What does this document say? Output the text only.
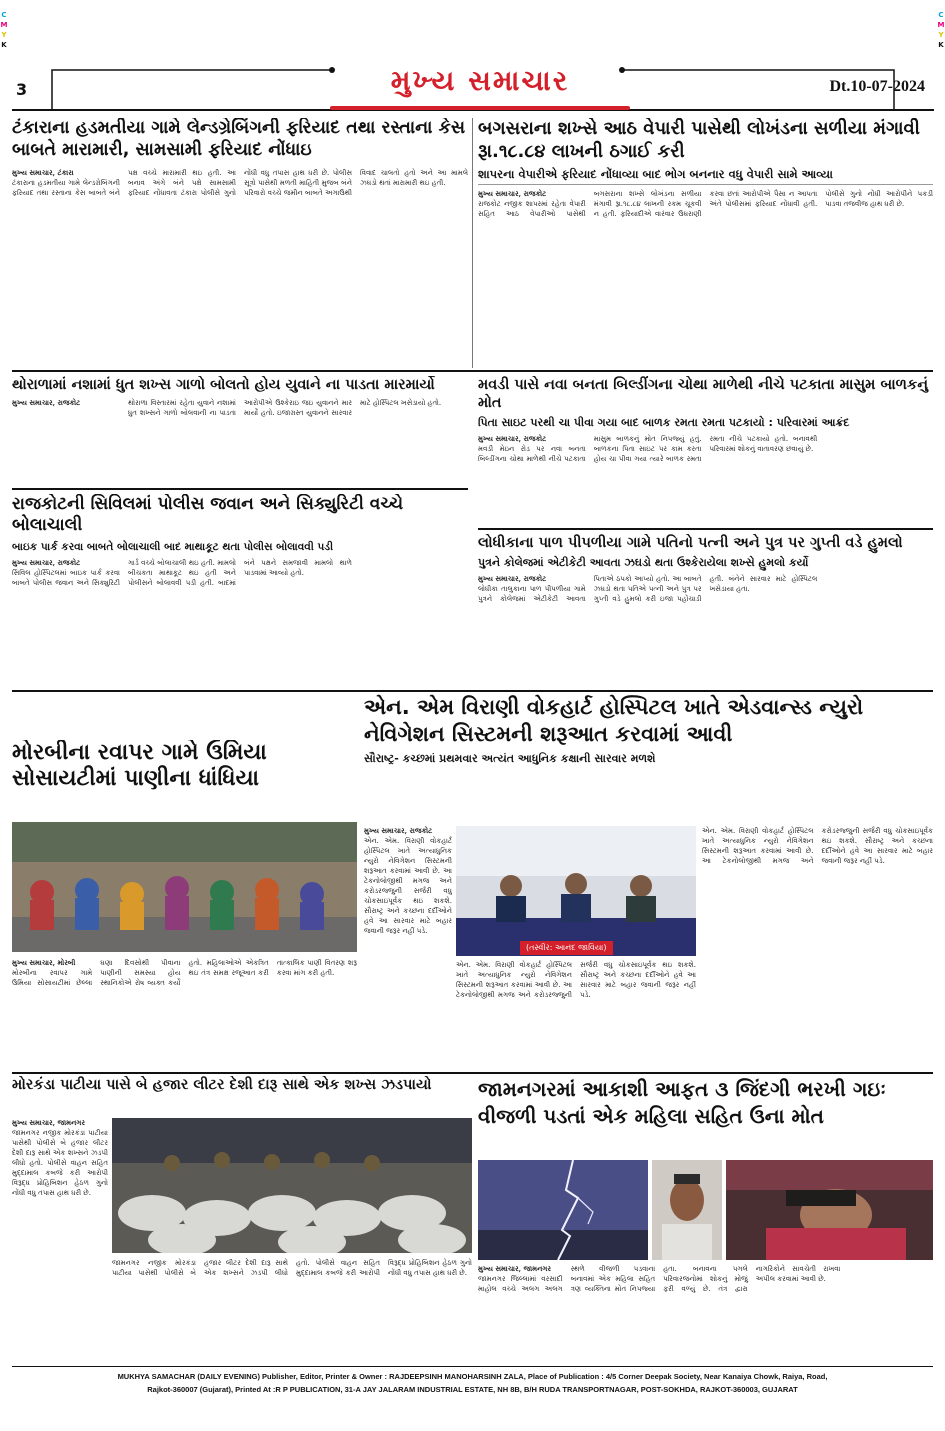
C
M
Y
K
C
M
Y
K
3	મુખ્ય સમાચાર	Dt.10-07-2024
ટંકારાના હડમતીયા ગામે લેન્ડગ્રેબિંગની ફરિયાદ તથા રસ્તાના કેસ બાબતે મારામારી, સામસામી ફરિયાદ નોંધાઇ
મુખ્ય સમાચાર, ટંકારા
ટંકારાના હડમતીયા ગામે લેન્ડગ્રેબિંગની ફરિયાદ તથા રસ્તાના કેસ બાબતે બંને પક્ષ વચ્ચે મારામારી થઇ હતી. આ બનાવ અંગે બંને પક્ષે સામસામી ફરિયાદ નોંધાવતા ટંકારા પોલીસે ગુનો નોંધી વધુ તપાસ હાથ ધરી છે. પોલીસ સૂત્રો પાસેથી મળતી માહિતી મુજબ બંને પરિવારો વચ્ચે જમીન બાબતે અગાઉથી વિવાદ ચાલતો હતો અને આ મામલે ઝઘડો થતાં મારામારી થઇ હતી.
બગસરાના શખ્સે આઠ વેપારી પાસેથી લોખંડના સળીયા મંગાવી રૂા.૧૮.૮૪ લાખની ઠગાઈ કરી
શાપરના વેપારીએ ફરિયાદ નોંધાવ્યા બાદ ભોગ બનનાર વધુ વેપારી સામે આવ્યા
મુખ્ય સમાચાર, રાજકોટ
રાજકોટ નજીક શાપરમાં રહેતા વેપારી સહિત આઠ વેપારીઓ પાસેથી બગસરાના શખ્સે લોખંડના સળીયા મંગાવી રૂા.૧૮.૮૪ લાખની રકમ ચૂકવી ન હતી. ફરિયાદીએ વારંવાર ઉઘરાણી કરવા છતાં આરોપીએ પૈસા ન આપતા અંતે પોલીસમાં ફરિયાદ નોંધાવી હતી. પોલીસે ગુનો નોંધી આરોપીને પકડી પાડવા તજવીજ હાથ ધરી છે.
થોરાળામાં નશામાં ધુત શખ્સ ગાળો બોલતો હોય યુવાને ના પાડતા મારમાર્યો
મુખ્ય સમાચાર, રાજકોટ	થોરાળા વિસ્તારમાં રહેતા યુવાને નશામાં ધુત શખ્સને ગાળો બોલવાની ના પાડતા આરોપીએ ઉશ્કેરાઇ જઇ યુવાનને માર માર્યો હતો. ઇજાગ્રસ્ત યુવાનને સારવાર માટે હોસ્પિટલ ખસેડાયો હતો.
મવડી પાસે નવા બનતા બિલ્ડીંગના ચોથા માળેથી નીચે પટકાતા માસુમ બાળકનું મોત
પિતા સાઇટ પરથી ચા પીવા ગયા બાદ બાળક રમતા રમતા પટકાયો : પરિવારમાં આક્રંદ
મુખ્ય સમાચાર, રાજકોટ
મવડી મેઇન રોડ પર નવા બનતા બિલ્ડીંગના ચોથા માળેથી નીચે પટકાતા માસુમ બાળકનું મોત નિપજ્યું હતું. બાળકના પિતા સાઇટ પર કામ કરતા હોય ચા પીવા ગયા ત્યારે બાળક રમતા રમતા નીચે પટકાયો હતો. બનાવથી પરિવારમાં શોકનું વાતાવરણ છવાયું છે.
રાજકોટની સિવિલમાં પોલીસ જવાન અને સિક્યુરિટી વચ્ચે બોલાચાલી
બાઇક પાર્ક કરવા બાબતે બોલાચાલી બાદ માથાકૂટ થતા પોલીસ બોલાવવી પડી
મુખ્ય સમાચાર, રાજકોટ
સિવિલ હોસ્પિટલમાં બાઇક પાર્ક કરવા બાબતે પોલીસ જવાન અને સિક્યુરિટી ગાર્ડ વચ્ચે બોલાચાલી થઇ હતી. મામલો બીચકતા માથાકૂટ થઇ હતી અને પોલીસને બોલાવવી પડી હતી. બાદમાં બંને પક્ષને સમજાવી મામલો થાળે પાડવામાં આવ્યો હતો.
લોધીકાના પાળ પીપળીયા ગામે પતિનો પત્ની અને પુત્ર પર ગુપ્તી વડે હુમલો
પુત્રને કોલેજમાં એટીકેટી આવતા ઝઘડો થતા ઉશ્કેરાયેલા શખ્સે હુમલો કર્યો
મુખ્ય સમાચાર, રાજકોટ
લોધીકા તાલુકાના પાળ પીપળીયા ગામે પુત્રને કોલેજમાં એટીકેટી આવતા પિતાએ ઠપકો આપ્યો હતો. આ બાબતે ઝઘડો થતા પતિએ પત્ની અને પુત્ર પર ગુપ્તી વડે હુમલો કરી ઇજા પહોંચાડી હતી. બંનેને સારવાર માટે હોસ્પિટલ ખસેડાયા હતા.
મોરબીના રવાપર ગામે ઉમિયા સોસાયટીમાં પાણીના ધાંધિયા
મુખ્ય સમાચાર, મોરબી
મોરબીના રવાપર ગામે ઉમિયા સોસાયટીમાં છેલ્લા ઘણા દિવસોથી પીવાના પાણીની સમસ્યા હોય સ્થાનિકોએ રોષ વ્યક્ત કર્યો હતો. મહિલાઓએ એકત્રિત થઇ તંત્ર સમક્ષ રજૂઆત કરી તાત્કાલિક પાણી વિતરણ શરૂ કરવા માંગ કરી હતી.
એન. એમ વિરાણી વોકહાર્ટ હોસ્પિટલ ખાતે એડવાન્સ્ડ ન્યુરો નેવિગેશન સિસ્ટમની શરૂઆત કરવામાં આવી
સૌરાષ્ટ્ર- કચ્છમાં પ્રથમવાર અત્યંત આધુનિક કક્ષાની સારવાર મળશે
(તસ્વીર: આનંદ જાવિયા)
મુખ્ય સમાચાર, રાજકોટ
એન. એમ. વિરાણી વોકહાર્ટ હોસ્પિટલ ખાતે અત્યાધુનિક ન્યુરો નેવિગેશન સિસ્ટમની શરૂઆત કરવામાં આવી છે. આ ટેકનોલોજીથી મગજ અને કરોડરજ્જુની સર્જરી વધુ ચોકસાઇપૂર્વક થઇ શકશે. સૌરાષ્ટ્ર અને કચ્છના દર્દીઓને હવે આ સારવાર માટે બહાર જવાની જરૂર નહીં પડે.
એન. એમ. વિરાણી વોકહાર્ટ હોસ્પિટલ ખાતે અત્યાધુનિક ન્યુરો નેવિગેશન સિસ્ટમની શરૂઆત કરવામાં આવી છે. આ ટેકનોલોજીથી મગજ અને કરોડરજ્જુની સર્જરી વધુ ચોકસાઇપૂર્વક થઇ શકશે. સૌરાષ્ટ્ર અને કચ્છના દર્દીઓને હવે આ સારવાર માટે બહાર જવાની જરૂર નહીં પડે.
એન. એમ. વિરાણી વોકહાર્ટ હોસ્પિટલ ખાતે અત્યાધુનિક ન્યુરો નેવિગેશન સિસ્ટમની શરૂઆત કરવામાં આવી છે. આ ટેકનોલોજીથી મગજ અને કરોડરજ્જુની સર્જરી વધુ ચોકસાઇપૂર્વક થઇ શકશે. સૌરાષ્ટ્ર અને કચ્છના દર્દીઓને હવે આ સારવાર માટે બહાર જવાની જરૂર નહીં પડે.
મોરકંડા પાટીયા પાસે બે હજાર લીટર દેશી દારૂ સાથે એક શખ્સ ઝડપાયો
મુખ્ય સમાચાર, જામનગર
જામનગર નજીક મોરકંડા પાટીયા પાસેથી પોલીસે બે હજાર લીટર દેશી દારૂ સાથે એક શખ્સને ઝડપી લીધો હતો. પોલીસે વાહન સહિત મુદ્દામાલ કબજે કરી આરોપી વિરૂદ્ધ પ્રોહિબિશન હેઠળ ગુનો નોંધી વધુ તપાસ હાથ ધરી છે.
જામનગર નજીક મોરકંડા પાટીયા પાસેથી પોલીસે બે હજાર લીટર દેશી દારૂ સાથે એક શખ્સને ઝડપી લીધો હતો. પોલીસે વાહન સહિત મુદ્દામાલ કબજે કરી આરોપી વિરૂદ્ધ પ્રોહિબિશન હેઠળ ગુનો નોંધી વધુ તપાસ હાથ ધરી છે.
જામનગરમાં આકાશી આફત ૩ જિંદગી ભરખી ગઇઃ વીજળી પડતાં એક મહિલા સહિત ઉના મોત
મુખ્ય સમાચાર, જામનગર
જામનગર જિલ્લામાં વરસાદી માહોલ વચ્ચે અલગ અલગ સ્થળે વીજળી પડવાના બનાવમાં એક મહિલા સહિત ત્રણ વ્યક્તિના મોત નિપજ્યા હતા. બનાવના પગલે પરિવારજનોમાં શોકનું મોજું ફરી વળ્યું છે. તંત્ર દ્વારા નાગરિકોને સાવચેતી રાખવા અપીલ કરવામાં આવી છે.
MUKHYA SAMACHAR (DAILY EVENING) Publisher, Editor, Printer & Owner : RAJDEEPSINH MANOHARSINH ZALA, Place of Publication : 4/5 Corner Deepak Society, Near Kanaiya Chowk, Raiya, Road,
Rajkot-360007 (Gujarat), Printed At :R P PUBLICATION, 31-A JAY JALARAM INDUSTRIAL ESTATE, NH 8B, B/H RUDA TRANSPORTNAGAR, POST-SOKHDA, RAJKOT-360003, GUJARAT
